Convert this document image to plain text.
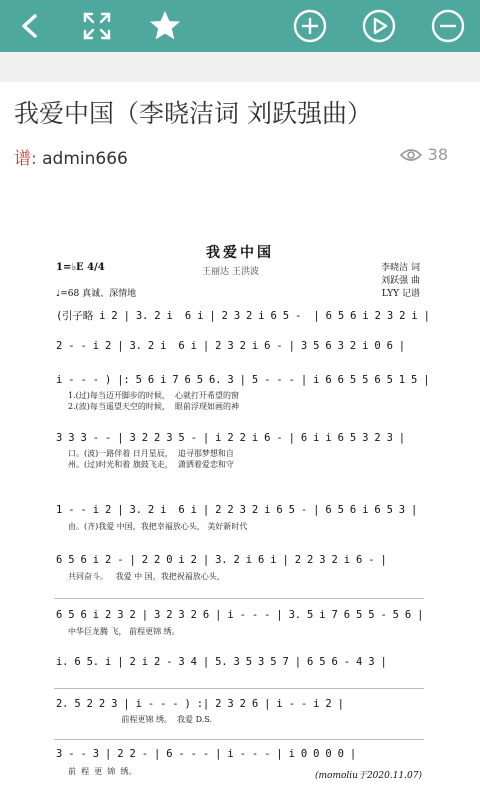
我爱中国（李晓洁词 刘跃强曲）
谱: admin666	38
我爱中国
1=♭E 4/4	王丽达 王洪波	李晓洁 词
刘跃强 曲
LYY 记谱
♩=68 真诚、深情地
(引子略 i 2 | 3. 2 i  6 i | 2 3 2 i 6 5 -  | 6 5 6 i 2 3 2 i |
2 - - i 2 | 3. 2 i  6 i | 2 3 2 i 6 - | 3 5 6 3 2 i 0 6 |
i - - - ) |: 5 6 i 7 6 5 6. 3 | 5 - - - | i 6 6 5 5 6 5 1 5 |
1.(过)每当迈开脚步的时候，  心就打开希望的窗
2.(波)每当遥望天空的时候，  眼前浮现如画的神
3 3 3 - - | 3 2 2 3 5 - | i 2 2 i 6 - | 6 i i 6 5 3 2 3 |
口。(波)一路伴着 日月星辰，  追寻那梦想和自
州。(过)时光和着 旗鼓飞走，  潇洒着爱恋和守
1 - - i 2 | 3. 2 i  6 i | 2 2 3 2 i 6 5 - | 6 5 6 i 6 5 3 |
由。(齐)我爱 中国，我把幸福放心头， 美好新时代
6 5 6 i 2 - | 2 2 0 i 2 | 3. 2 i 6 i | 2 2 3 2 i 6 - |
共同奋斗。   我爱 中 国，我把祝福放心头，
6 5 6 i 2 3 2 | 3 2 3 2 6 | i - - - | 3. 5 i 7 6 5 5 - 5 6 |
中华巨龙腾 飞， 前程更锦 绣。
i. 6 5. i | 2 i 2 - 3 4 | 5. 3 5 3 5 7 | 6 5 6 - 4 3 |
2. 5 2 2 3 | i - - - ) :| 2 3 2 6 | i - - i 2 |
前程更锦 绣。  我爱 D.S.
3 - - 3 | 2 2 - | 6 - - - | i - - - | i 0 0 0 0 |
前  程  更  锦  绣。	(momoliu于2020.11.07)
